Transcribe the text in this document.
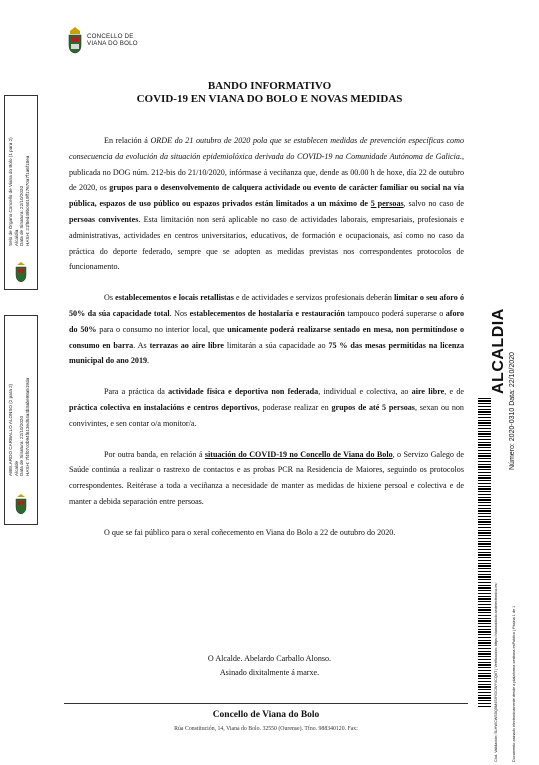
CONCELLO DE
VIANA DO BOLO
BANDO INFORMATIVO
COVID-19 EN VIANA DO BOLO E NOVAS MEDIDAS

En relación á ORDE do 21 outubro de 2020 pola que se establecen medidas de prevención específicas como consecuencia da evolución da situación epidemiolóxica derivada do COVID-19 na Comunidade Autónoma de Galicia., publicada no DOG núm. 212-bis do 21/10/2020, infórmase á veciñanza que, dende as 00.00 h de hoxe, día 22 de outubro de 2020, os grupos para o desenvolvemento de calquera actividade ou evento de carácter familiar ou social na vía pública, espazos de uso público ou espazos privados están limitados a un máximo de 5 persoas, salvo no caso de persoas conviventes. Esta limitación non será aplicable no caso de actividades laborais, empresariais, profesionais e administrativas, actividades en centros universitarios, educativos, de formación e ocupacionais, así como no caso da práctica do deporte federado, sempre que se adopten as medidas previstas nos correspondentes protocolos de funcionamento.

Os establecementos e locais retallistas e de actividades e servizos profesionais deberán limitar o seu aforo ó 50% da súa capacidade total. Nos establecementos de hostalaría e restauración tampouco poderá superarse o aforo do 50% para o consumo no interior local, que unicamente poderá realizarse sentado en mesa, non permitíndose o consumo en barra. As terrazas ao aire libre limitarán a súa capacidade ao 75 % das mesas permitidas na licenza municipal do ano 2019.

Para a práctica da actividade física e deportiva non federada, individual e colectiva, ao aire libre, e de práctica colectiva en instalacións e centros deportivos, poderase realizar en grupos de até 5 persoas, sexan ou non convivintes, e sen contar o/a monitor/a.

Por outra banda, en relación á situación do COVID-19 no Concello de Viana do Bolo, o Servizo Galego de Saúde continúa a realizar o rastrexo de contactos e as probas PCR na Residencia de Maiores, seguindo os protocolos correspondentes. Reitérase a toda a veciñanza a necesidade de manter as medidas de hixiene persoal e colectiva e de manter a debida separación entre persoas.

O que se fai público para o xeral coñecemento en Viana do Bolo a 22 de outubro do 2020.

O Alcalde. Abelardo Carballo Alonso.
Asinado dixitalmente á marxe.
Concello de Viana do Bolo
Rúa Constitución, 14, Viana do Bolo. 32550 (Ourense). Tfno. 988340120. Fax:
Selo de Órgano Concello de Viana do Bolo (1 para 2) Alcaldía Data de Sinatura: 22/10/2020 HASH: 21f8ed49bc6019ff17670a7f1a6f18ea
ABELARDO CARBALLO ALONSO (2 para 2) Alcalde Data de Sinatura: 22/10/2020 HASH: 7f4f07c0b94f613ed54a4b3abe98a519da
ALCALDIA
Número: 2020-0310 Data: 22/10/2020
Cód. Validación: 5LHWCWS5Q5M4S9YDCWY4CQ6T | Verificación: https://vianadobolo.sedelectronica.es/	Documento asinado electronicamente desde a plataforma xestiona esPublico | Páxina 1 de 1
